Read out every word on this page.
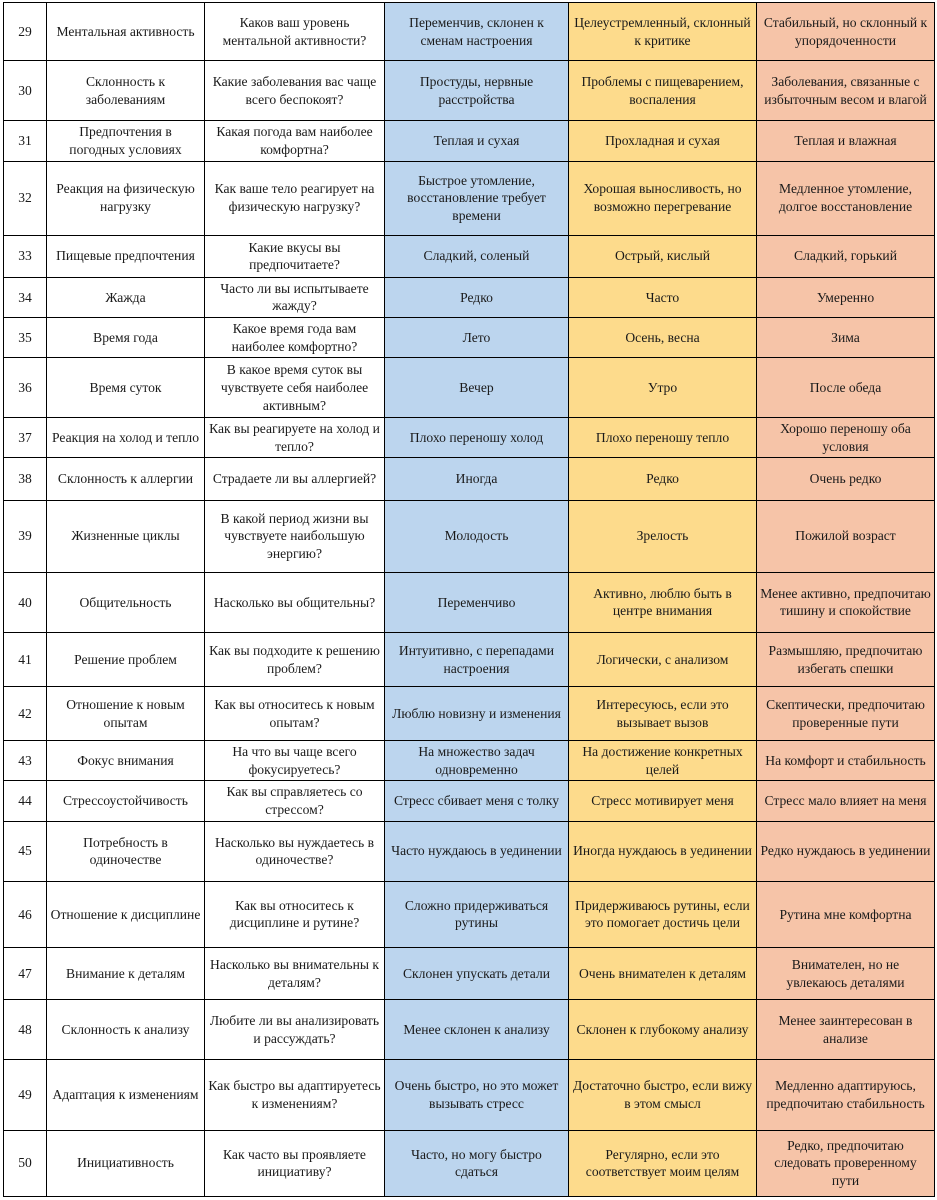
29	Ментальная активность	Каков ваш уровень ментальной активности?	Переменчив, склонен к сменам настроения	Целеустремленный, склонный к критике	Стабильный, но склонный к упорядоченности
30	Склонность к заболеваниям	Какие заболевания вас чаще всего беспокоят?	Простуды, нервные расстройства	Проблемы с пищеварением, воспаления	Заболевания, связанные с избыточным весом и влагой
31	Предпочтения в погодных условиях	Какая погода вам наиболее комфортна?	Теплая и сухая	Прохладная и сухая	Теплая и влажная
32	Реакция на физическую нагрузку	Как ваше тело реагирует на физическую нагрузку?	Быстрое утомление, восстановление требует времени	Хорошая выносливость, но возможно перегревание	Медленное утомление, долгое восстановление
33	Пищевые предпочтения	Какие вкусы вы предпочитаете?	Сладкий, соленый	Острый, кислый	Сладкий, горький
34	Жажда	Часто ли вы испытываете жажду?	Редко	Часто	Умеренно
35	Время года	Какое время года вам наиболее комфортно?	Лето	Осень, весна	Зима
36	Время суток	В какое время суток вы чувствуете себя наиболее активным?	Вечер	Утро	После обеда
37	Реакция на холод и тепло	Как вы реагируете на холод и тепло?	Плохо переношу холод	Плохо переношу тепло	Хорошо переношу оба условия
38	Склонность к аллергии	Страдаете ли вы аллергией?	Иногда	Редко	Очень редко
39	Жизненные циклы	В какой период жизни вы чувствуете наибольшую энергию?	Молодость	Зрелость	Пожилой возраст
40	Общительность	Насколько вы общительны?	Переменчиво	Активно, люблю быть в центре внимания	Менее активно, предпочитаю тишину и спокойствие
41	Решение проблем	Как вы подходите к решению проблем?	Интуитивно, с перепадами настроения	Логически, с анализом	Размышляю, предпочитаю избегать спешки
42	Отношение к новым опытам	Как вы относитесь к новым опытам?	Люблю новизну и изменения	Интересуюсь, если это вызывает вызов	Скептически, предпочитаю проверенные пути
43	Фокус внимания	На что вы чаще всего фокусируетесь?	На множество задач одновременно	На достижение конкретных целей	На комфорт и стабильность
44	Стрессоустойчивость	Как вы справляетесь со стрессом?	Стресс сбивает меня с толку	Стресс мотивирует меня	Стресс мало влияет на меня
45	Потребность в одиночестве	Насколько вы нуждаетесь в одиночестве?	Часто нуждаюсь в уединении	Иногда нуждаюсь в уединении	Редко нуждаюсь в уединении
46	Отношение к дисциплине	Как вы относитесь к дисциплине и рутине?	Сложно придерживаться рутины	Придерживаюсь рутины, если это помогает достичь цели	Рутина мне комфортна
47	Внимание к деталям	Насколько вы внимательны к деталям?	Склонен упускать детали	Очень внимателен к деталям	Внимателен, но не увлекаюсь деталями
48	Склонность к анализу	Любите ли вы анализировать и рассуждать?	Менее склонен к анализу	Склонен к глубокому анализу	Менее заинтересован в анализе
49	Адаптация к изменениям	Как быстро вы адаптируетесь к изменениям?	Очень быстро, но это может вызывать стресс	Достаточно быстро, если вижу в этом смысл	Медленно адаптируюсь, предпочитаю стабильность
50	Инициативность	Как часто вы проявляете инициативу?	Часто, но могу быстро сдаться	Регулярно, если это соответствует моим целям	Редко, предпочитаю следовать проверенному пути
